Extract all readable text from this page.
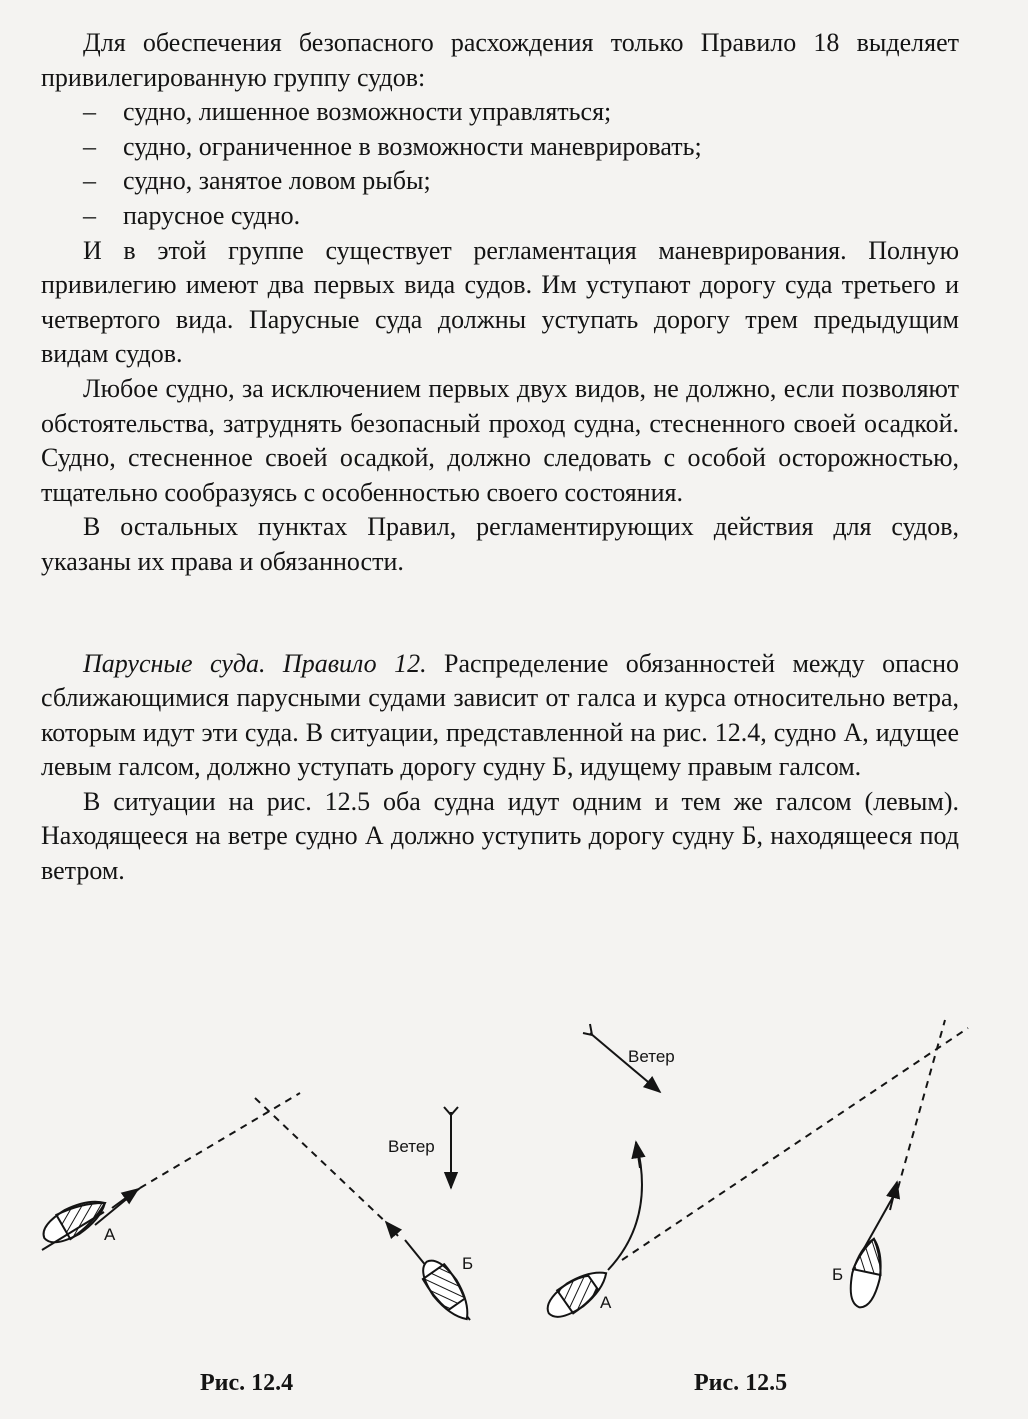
Для обеспечения безопасного расхождения только Правило 18 выделяет привилегированную группу судов:

– судно, лишенное возможности управляться;
– судно, ограниченное в возможности маневрировать;
– судно, занятое ловом рыбы;
– парусное судно.

И в этой группе существует регламентация маневрирования. Полную привилегию имеют два первых вида судов. Им уступают дорогу суда третьего и четвертого вида. Парусные суда должны уступать дорогу трем предыдущим видам судов.

Любое судно, за исключением первых двух видов, не должно, если позволяют обстоятельства, затруднять безопасный проход судна, стесненного своей осадкой. Судно, стесненное своей осадкой, должно следовать с особой осторожностью, тщательно сообразуясь с особенностью своего состояния.

В остальных пунктах Правил, регламентирующих действия для судов, указаны их права и обязанности.

Парусные суда. Правило 12. Распределение обязанностей между опасно сближающимися парусными судами зависит от галса и курса относительно ветра, которым идут эти суда. В ситуации, представленной на рис. 12.4, судно А, идущее левым галсом, должно уступать дорогу судну Б, идущему правым галсом.

В ситуации на рис. 12.5 оба судна идут одним и тем же галсом (левым). Находящееся на ветре судно А должно уступить дорогу судну Б, находящееся под ветром.

А
Б
Ветер
Ветер
А
Б
Рис. 12.4	Рис. 12.5
